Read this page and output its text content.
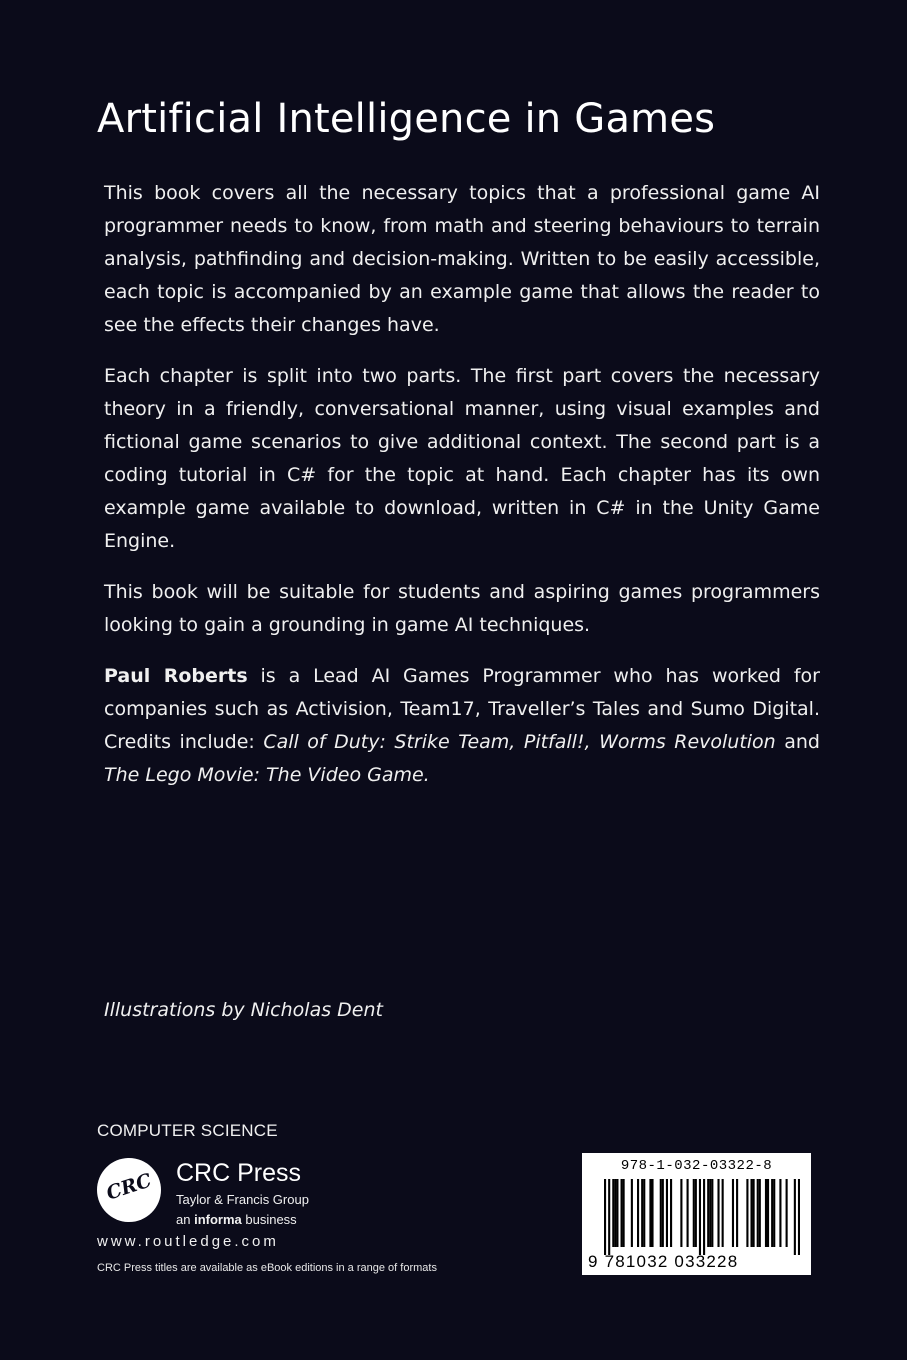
Artificial Intelligence in Games

This book covers all the necessary topics that a professional game AI programmer needs to know, from math and steering behaviours to terrain analysis, pathfinding and decision-making. Written to be easily accessible, each topic is accompanied by an example game that allows the reader to see the effects their changes have.

Each chapter is split into two parts. The first part covers the necessary theory in a friendly, conversational manner, using visual examples and fictional game scenarios to give additional context. The second part is a coding tutorial in C# for the topic at hand. Each chapter has its own example game available to download, written in C# in the Unity Game Engine.

This book will be suitable for students and aspiring games programmers looking to gain a grounding in game AI techniques.

Paul Roberts is a Lead AI Games Programmer who has worked for companies such as Activision, Team17, Traveller’s Tales and Sumo Digital. Credits include: Call of Duty: Strike Team, Pitfall!, Worms Revolution and The Lego Movie: The Video Game.

Illustrations by Nicholas Dent
COMPUTER SCIENCE
CRC CRC Press
Taylor & Francis Group
an informa business
www.routledge.com
CRC Press titles are available as eBook editions in a range of formats
978-1-032-03322-8
9 781032 033228
